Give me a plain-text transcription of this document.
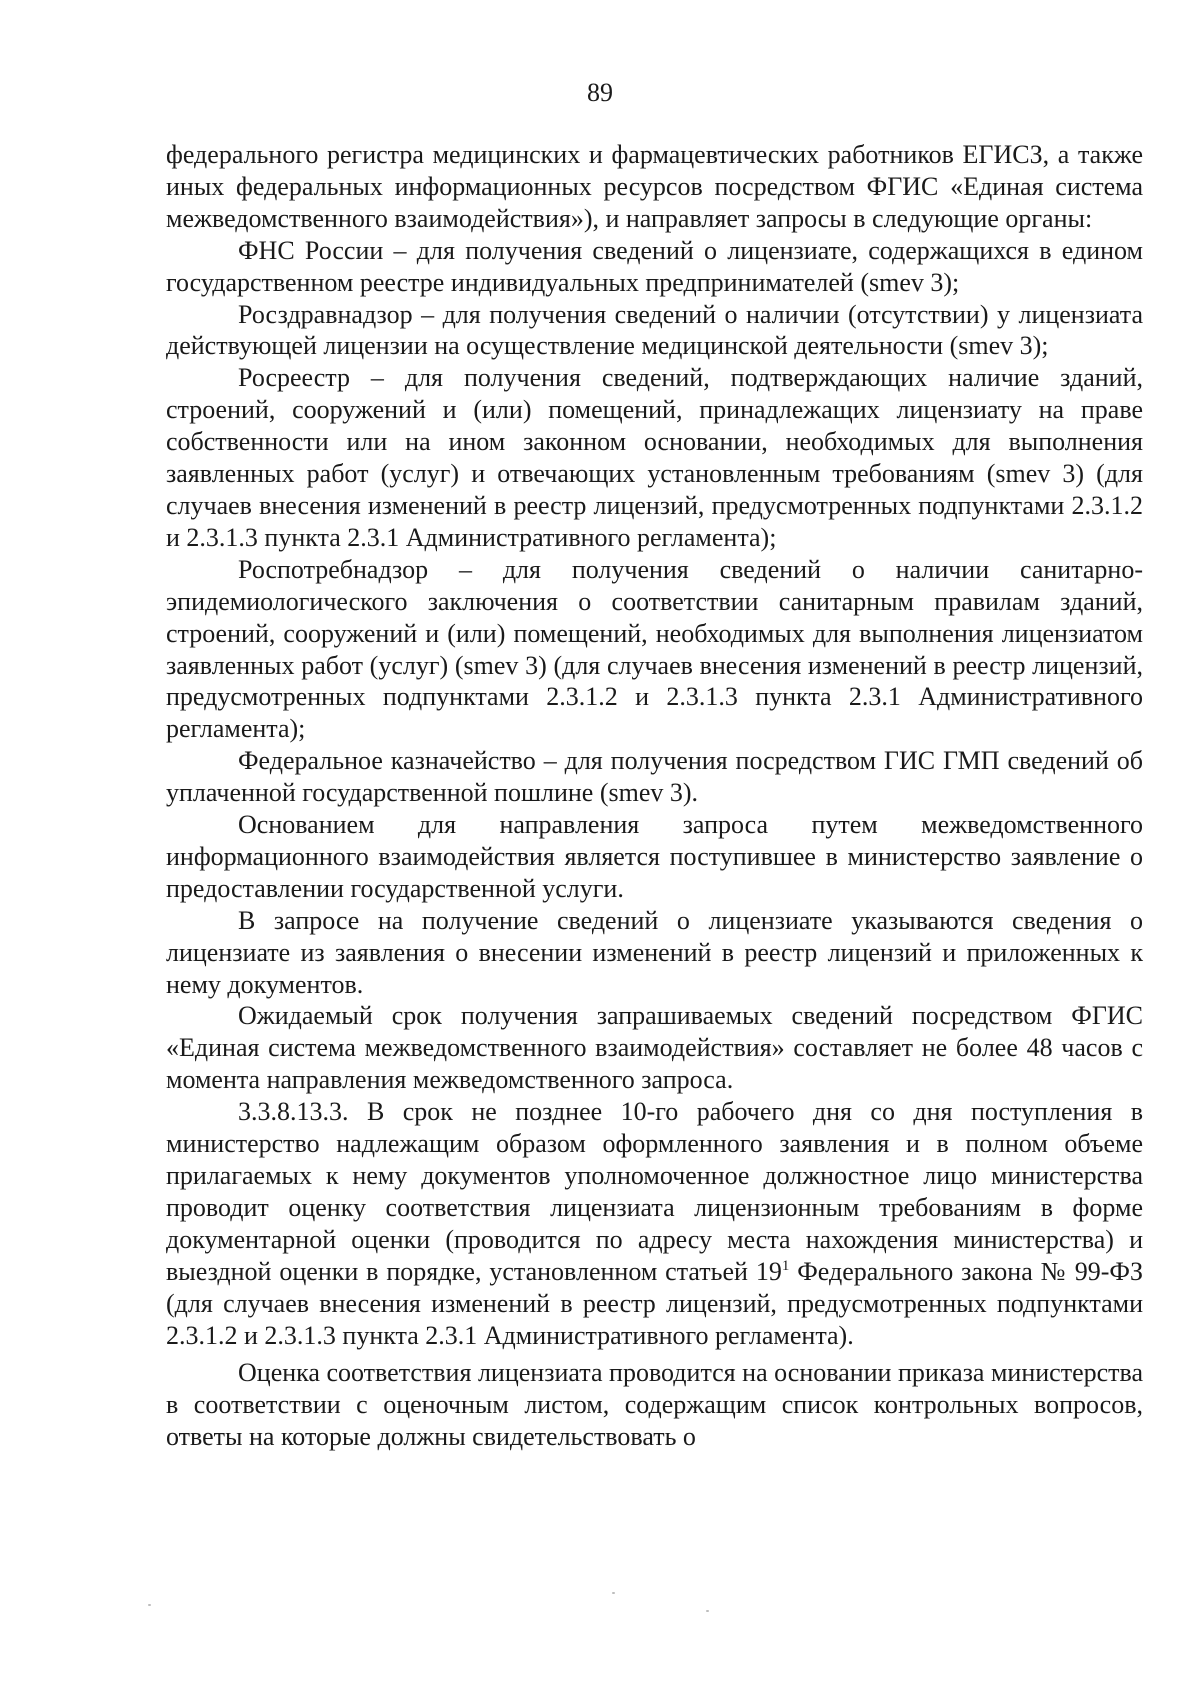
89

федерального регистра медицинских и фармацевтических работников ЕГИСЗ, а также иных федеральных информационных ресурсов посредством ФГИС «Единая система межведомственного взаимодействия»), и направляет запросы в следующие органы:

ФНС России – для получения сведений о лицензиате, содержащихся в едином государственном реестре индивидуальных предпринимателей (smev 3);

Росздравнадзор – для получения сведений о наличии (отсутствии) у лицензиата действующей лицензии на осуществление медицинской деятельности (smev 3);

Росреестр – для получения сведений, подтверждающих наличие зданий, строений, сооружений и (или) помещений, принадлежащих лицензиату на праве собственности или на ином законном основании, необходимых для выполнения заявленных работ (услуг) и отвечающих установленным требованиям (smev 3) (для случаев внесения изменений в реестр лицензий, предусмотренных подпунктами 2.3.1.2 и 2.3.1.3 пункта 2.3.1 Административного регламента);

Роспотребнадзор – для получения сведений о наличии санитарно-эпидемиологического заключения о соответствии санитарным правилам зданий, строений, сооружений и (или) помещений, необходимых для выполнения лицензиатом заявленных работ (услуг) (smev 3) (для случаев внесения изменений в реестр лицензий, предусмотренных подпунктами 2.3.1.2 и 2.3.1.3 пункта 2.3.1 Административного регламента);

Федеральное казначейство – для получения посредством ГИС ГМП сведений об уплаченной государственной пошлине (smev 3).

Основанием для направления запроса путем межведомственного информационного взаимодействия является поступившее в министерство заявление о предоставлении государственной услуги.

В запросе на получение сведений о лицензиате указываются сведения о лицензиате из заявления о внесении изменений в реестр лицензий и приложенных к нему документов.

Ожидаемый срок получения запрашиваемых сведений посредством ФГИС «Единая система межведомственного взаимодействия» составляет не более 48 часов с момента направления межведомственного запроса.

3.3.8.13.3. В срок не позднее 10-го рабочего дня со дня поступления в министерство надлежащим образом оформленного заявления и в полном объеме прилагаемых к нему документов уполномоченное должностное лицо министерства проводит оценку соответствия лицензиата лицензионным требованиям в форме документарной оценки (проводится по адресу места нахождения министерства) и выездной оценки в порядке, установленном статьей $19^1$ Федерального закона № 99-ФЗ (для случаев внесения изменений в реестр лицензий, предусмотренных подпунктами 2.3.1.2 и 2.3.1.3 пункта 2.3.1 Административного регламента).

Оценка соответствия лицензиата проводится на основании приказа министерства в соответствии с оценочным листом, содержащим список контрольных вопросов, ответы на которые должны свидетельствовать о
